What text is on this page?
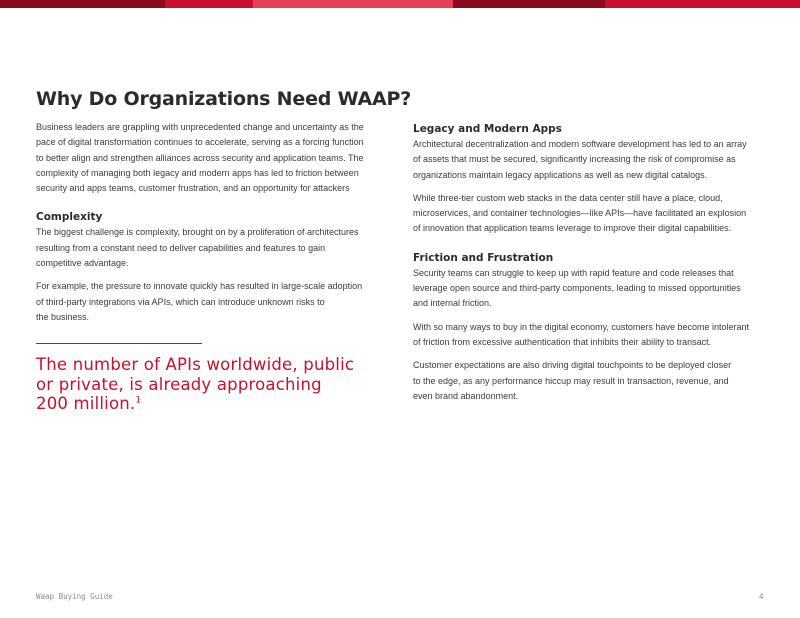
Why Do Organizations Need WAAP?

Business leaders are grappling with unprecedented change and uncertainty as the
pace of digital transformation continues to accelerate, serving as a forcing function
to better align and strengthen alliances across security and application teams. The
complexity of managing both legacy and modern apps has led to friction between
security and apps teams, customer frustration, and an opportunity for attackers

Complexity

The biggest challenge is complexity, brought on by a proliferation of architectures
resulting from a constant need to deliver capabilities and features to gain
competitive advantage.

For example, the pressure to innovate quickly has resulted in large-scale adoption
of third-party integrations via APIs, which can introduce unknown risks to
the business.

The number of APIs worldwide, public
or private, is already approaching
200 million.$^1$
Legacy and Modern Apps

Architectural decentralization and modern software development has led to an array
of assets that must be secured, significantly increasing the risk of compromise as
organizations maintain legacy applications as well as new digital catalogs.

While three-tier custom web stacks in the data center still have a place, cloud,
microservices, and container technologies—like APIs—have facilitated an explosion
of innovation that application teams leverage to improve their digital capabilities.

Friction and Frustration

Security teams can struggle to keep up with rapid feature and code releases that
leverage open source and third-party components, leading to missed opportunities
and internal friction.

With so many ways to buy in the digital economy, customers have become intolerant
of friction from excessive authentication that inhibits their ability to transact.

Customer expectations are also driving digital touchpoints to be deployed closer
to the edge, as any performance hiccup may result in transaction, revenue, and
even brand abandonment.

Waap Buying Guide	4
